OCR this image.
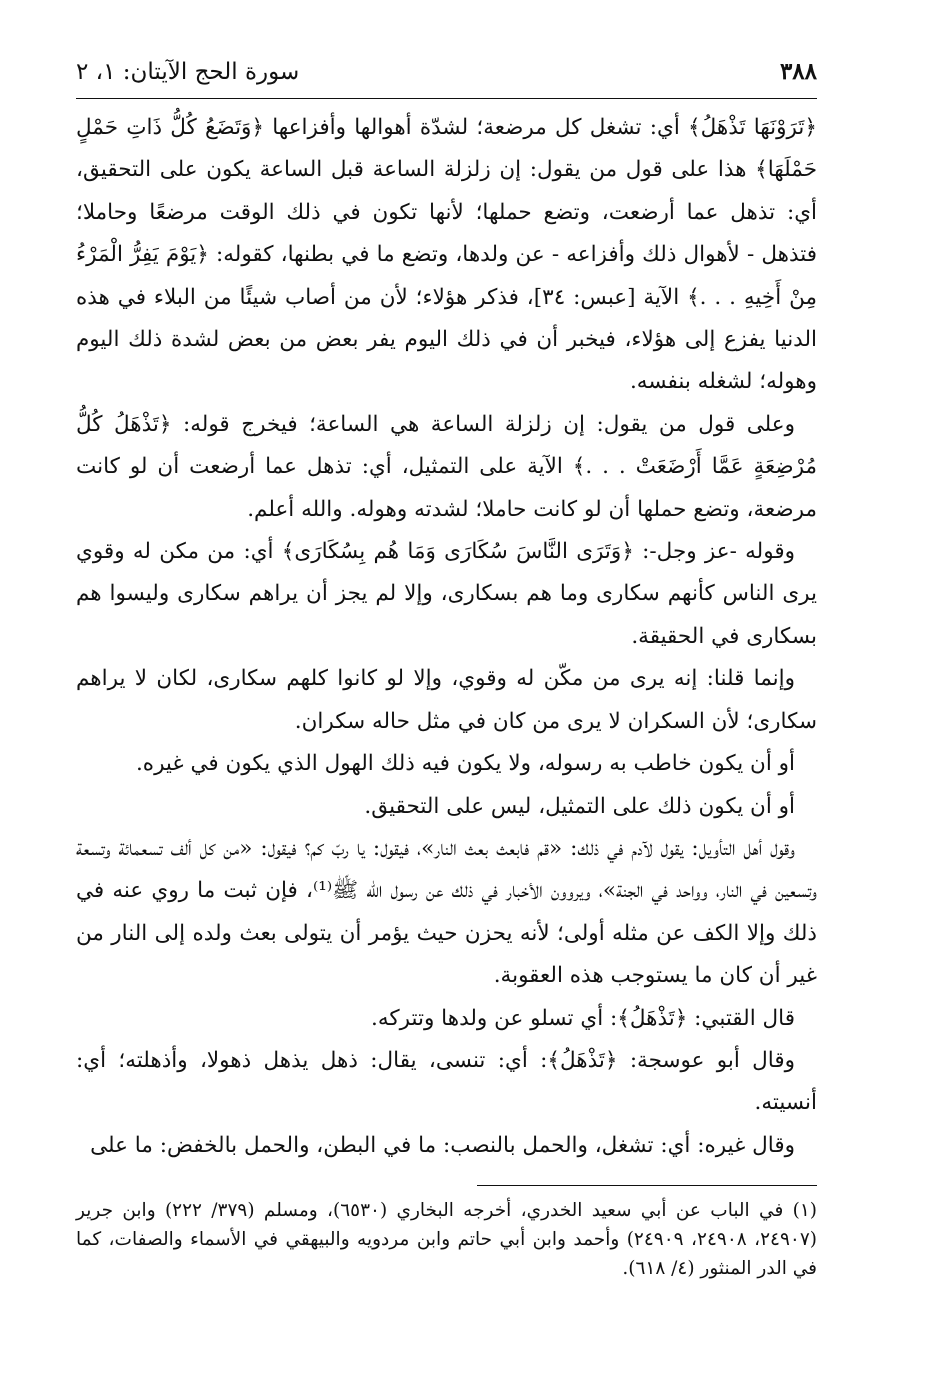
٣٨٨
سورة الحج الآيتان: ١، ٢

﴿تَرَوْنَهَا تَذْهَلُ﴾ أي: تشغل كل مرضعة؛ لشدّة أهوالها وأفزاعها ﴿وَتَضَعُ كُلُّ ذَاتِ حَمْلٍ حَمْلَهَا﴾ هذا على قول من يقول: إن زلزلة الساعة قبل الساعة يكون على التحقيق، أي: تذهل عما أرضعت، وتضع حملها؛ لأنها تكون في ذلك الوقت مرضعًا وحاملا؛ فتذهل - لأهوال ذلك وأفزاعه - عن ولدها، وتضع ما في بطنها، كقوله: ﴿يَوْمَ يَفِرُّ الْمَرْءُ مِنْ أَخِيهِ . . .﴾ الآية [عبس: ٣٤]، فذكر هؤلاء؛ لأن من أصاب شيئًا من البلاء في هذه الدنيا يفزع إلى هؤلاء، فيخبر أن في ذلك اليوم يفر بعض من بعض لشدة ذلك اليوم وهوله؛ لشغله بنفسه.

وعلى قول من يقول: إن زلزلة الساعة هي الساعة؛ فيخرج قوله: ﴿تَذْهَلُ كُلُّ مُرْضِعَةٍ عَمَّا أَرْضَعَتْ . . .﴾ الآية على التمثيل، أي: تذهل عما أرضعت أن لو كانت مرضعة، وتضع حملها أن لو كانت حاملا؛ لشدته وهوله. والله أعلم.

وقوله -عز وجل-: ﴿وَتَرَى النَّاسَ سُكَارَى وَمَا هُم بِسُكَارَى﴾ أي: من مكن له وقوي يرى الناس كأنهم سكارى وما هم بسكارى، وإلا لم يجز أن يراهم سكارى وليسوا هم بسكارى في الحقيقة.

وإنما قلنا: إنه يرى من مكّن له وقوي، وإلا لو كانوا كلهم سكارى، لكان لا يراهم سكارى؛ لأن السكران لا يرى من كان في مثل حاله سكران.

أو أن يكون خاطب به رسوله، ولا يكون فيه ذلك الهول الذي يكون في غيره.

أو أن يكون ذلك على التمثيل، ليس على التحقيق.

وقول أهل التأويل: يقول لآدم في ذلك: «قم فابعث بعث النار»، فيقول: يا ربّ كم؟ فيقول: «من كل ألف تسعمائة وتسعة وتسعين في النار، وواحد في الجنة»، ويروون الأخبار في ذلك عن رسول الله ﷺ⁽¹⁾، فإن ثبت ما روي عنه في ذلك وإلا الكف عن مثله أولى؛ لأنه يحزن حيث يؤمر أن يتولى بعث ولده إلى النار من غير أن كان ما يستوجب هذه العقوبة.

قال القتبي: ﴿تَذْهَلُ﴾: أي تسلو عن ولدها وتتركه.

وقال أبو عوسجة: ﴿تَذْهَلُ﴾: أي: تنسى، يقال: ذهل يذهل ذهولا، وأذهلته؛ أي: أنسيته.

وقال غيره: أي: تشغل، والحمل بالنصب: ما في البطن، والحمل بالخفض: ما على

(١) في الباب عن أبي سعيد الخدري، أخرجه البخاري (٦٥٣٠)، ومسلم (٣٧٩/ ٢٢٢) وابن جرير (٢٤٩٠٧، ٢٤٩٠٨، ٢٤٩٠٩) وأحمد وابن أبي حاتم وابن مردويه والبيهقي في الأسماء والصفات، كما في الدر المنثور (٤/ ٦١٨).
